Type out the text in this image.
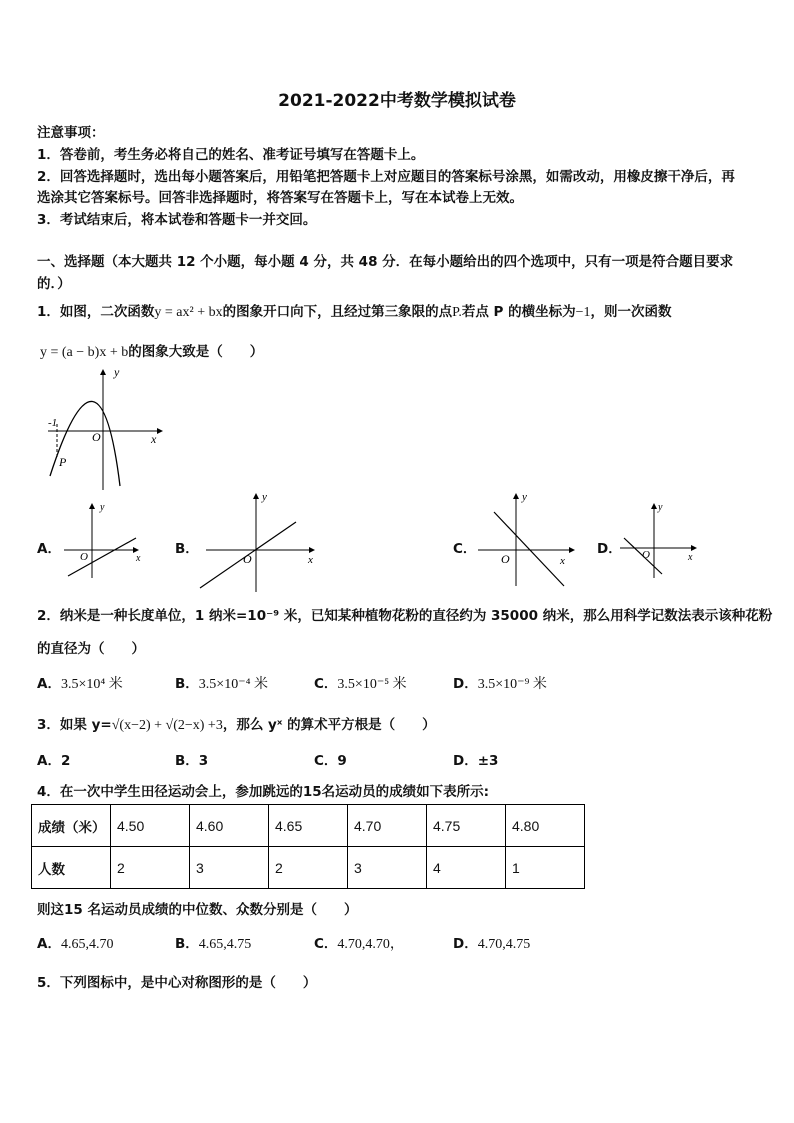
2021-2022中考数学模拟试卷
注意事项：
1．答卷前，考生务必将自己的姓名、准考证号填写在答题卡上。
2．回答选择题时，选出每小题答案后，用铅笔把答题卡上对应题目的答案标号涂黑，如需改动，用橡皮擦干净后，再
选涂其它答案标号。回答非选择题时，将答案写在答题卡上，写在本试卷上无效。
3．考试结束后，将本试卷和答题卡一并交回。
一、选择题（本大题共 12 个小题，每小题 4 分，共 48 分．在每小题给出的四个选项中，只有一项是符合题目要求
的．）
1．如图，二次函数y = ax² + bx的图象开口向下，且经过第三象限的点P.若点 P 的横坐标为−1，则一次函数
y = (a − b)x + b的图象大致是（　　）
y
x
O
-1
P
A．
y
x
O	B．
y
x
O
C．
y
x
O
D．
y
x
O
2．纳米是一种长度单位，1 纳米=10⁻⁹ 米，已知某种植物花粉的直径约为 35000 纳米，那么用科学记数法表示该种花粉
的直径为（　　）
A．3.5×10⁴ 米	B．3.5×10⁻⁴ 米	C．3.5×10⁻⁵ 米	D．3.5×10⁻⁹ 米
3．如果 y=√(x−2) + √(2−x) +3，那么 yˣ 的算术平方根是（　　）
A．2	B．3	C．9	D．±3
4．在一次中学生田径运动会上，参加跳远的15名运动员的成绩如下表所示:
成绩（米）	4.50	4.60	4.65	4.70	4.75	4.80
人数	2	3	2	3	4	1
则这15 名运动员成绩的中位数、众数分别是（　　）
A．4.65,4.70	B．4.65,4.75	C．4.70,4.70，	D．4.70,4.75
5．下列图标中，是中心对称图形的是（　　）
